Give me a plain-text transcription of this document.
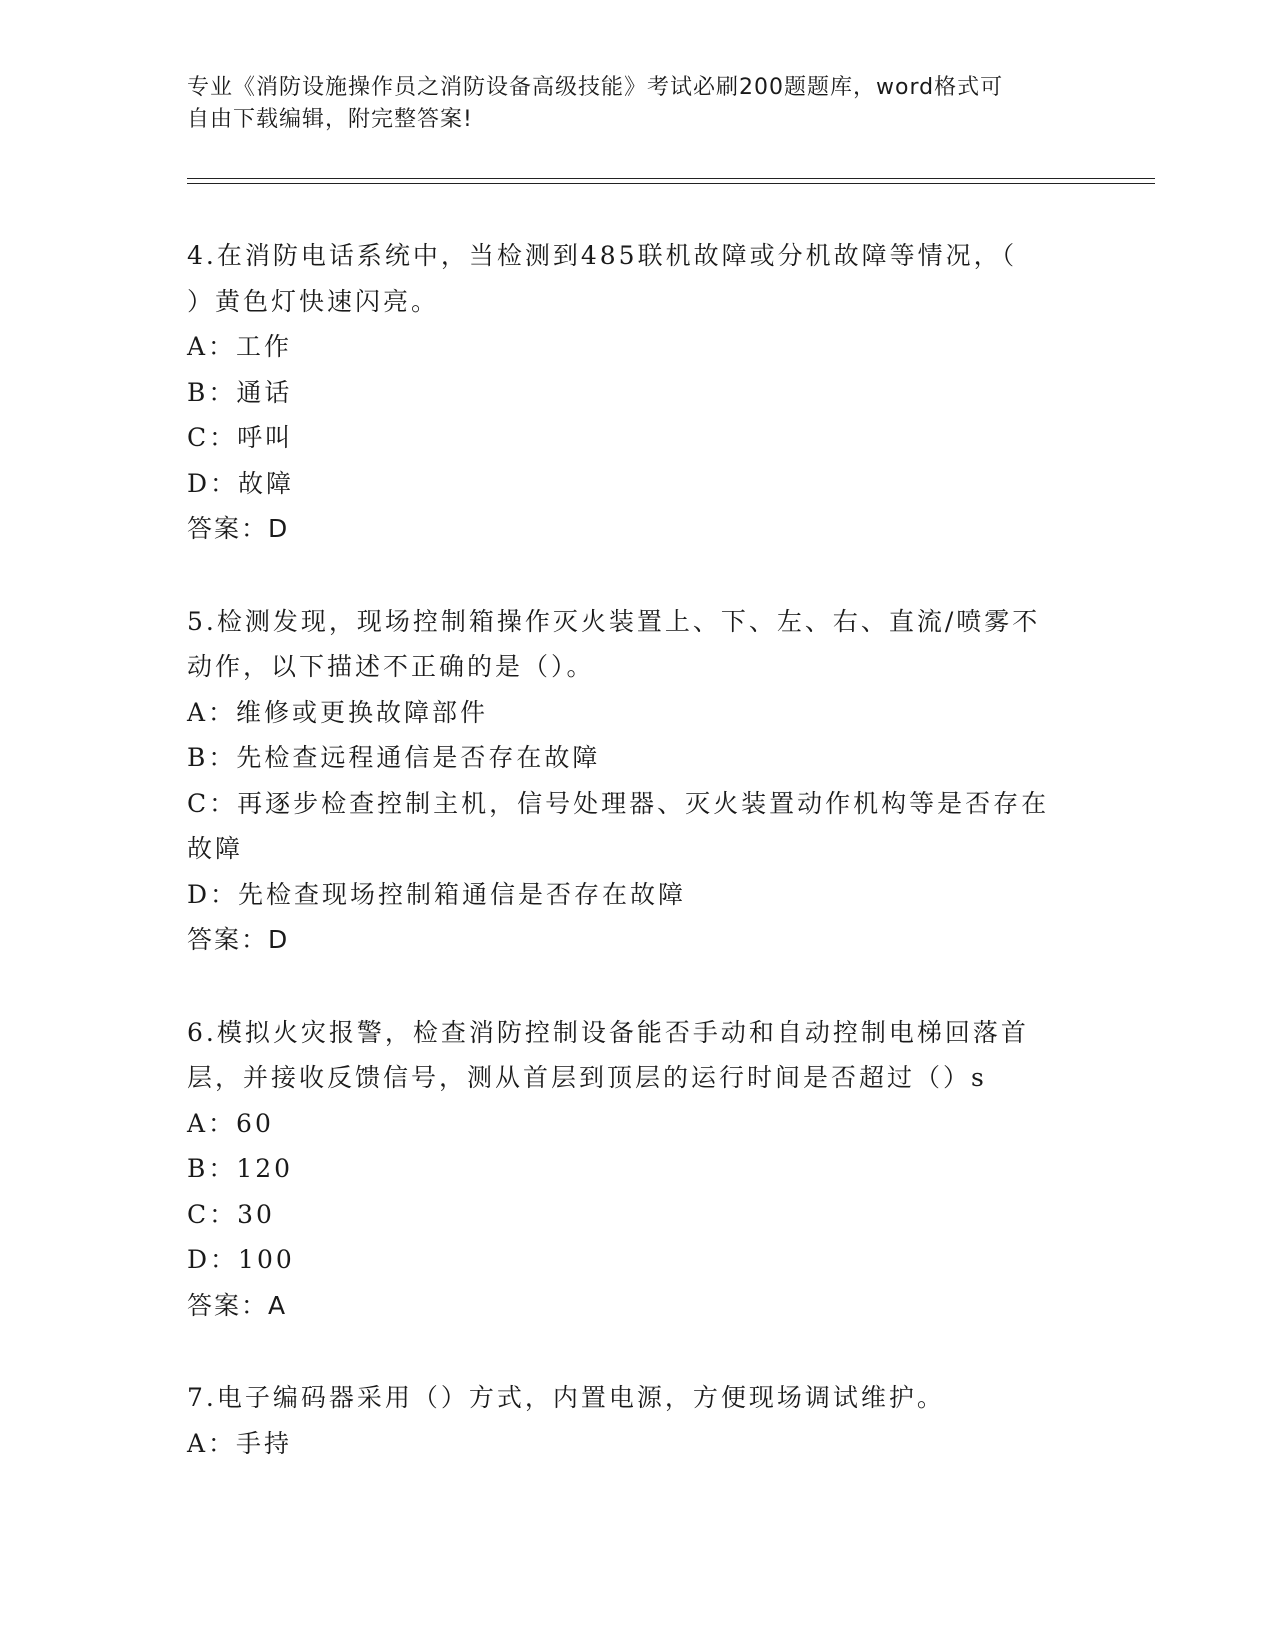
专业《消防设施操作员之消防设备高级技能》考试必刷200题题库，word格式可
自由下载编辑，附完整答案!
4.在消防电话系统中，当检测到485联机故障或分机故障等情况，（
）黄色灯快速闪亮。
A：工作
B：通话
C：呼叫
D：故障
答案：D
5.检测发现，现场控制箱操作灭火装置上、下、左、右、直流/喷雾不
动作，以下描述不正确的是（）。
A：维修或更换故障部件
B：先检查远程通信是否存在故障
C：再逐步检查控制主机，信号处理器、灭火装置动作机构等是否存在
故障
D：先检查现场控制箱通信是否存在故障
答案：D
6.模拟火灾报警，检查消防控制设备能否手动和自动控制电梯回落首
层，并接收反馈信号，测从首层到顶层的运行时间是否超过（）s
A：60
B：120
C：30
D：100
答案：A
7.电子编码器采用（）方式，内置电源，方便现场调试维护。
A：手持
